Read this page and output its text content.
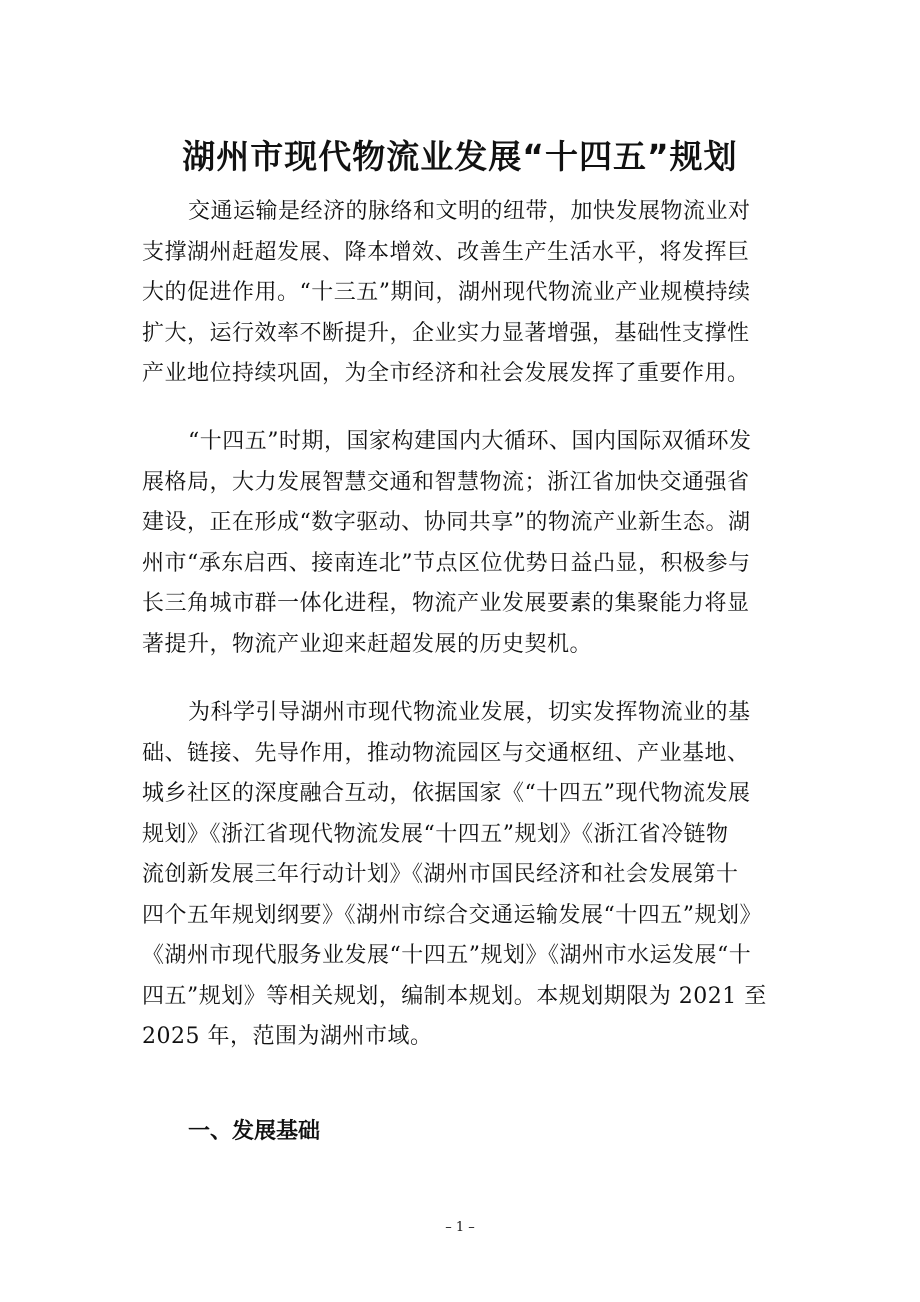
湖州市现代物流业发展“十四五”规划

交通运输是经济的脉络和文明的纽带，加快发展物流业对
支撑湖州赶超发展、降本增效、改善生产生活水平，将发挥巨
大的促进作用。“十三五”期间，湖州现代物流业产业规模持续
扩大，运行效率不断提升，企业实力显著增强，基础性支撑性
产业地位持续巩固，为全市经济和社会发展发挥了重要作用。

“十四五”时期，国家构建国内大循环、国内国际双循环发
展格局，大力发展智慧交通和智慧物流；浙江省加快交通强省
建设，正在形成“数字驱动、协同共享”的物流产业新生态。湖
州市“承东启西、接南连北”节点区位优势日益凸显，积极参与
长三角城市群一体化进程，物流产业发展要素的集聚能力将显
著提升，物流产业迎来赶超发展的历史契机。

为科学引导湖州市现代物流业发展，切实发挥物流业的基
础、链接、先导作用，推动物流园区与交通枢纽、产业基地、
城乡社区的深度融合互动，依据国家《“十四五”现代物流发展
规划》《浙江省现代物流发展“十四五”规划》《浙江省冷链物
流创新发展三年行动计划》《湖州市国民经济和社会发展第十
四个五年规划纲要》《湖州市综合交通运输发展“十四五”规划》
《湖州市现代服务业发展“十四五”规划》《湖州市水运发展“十
四五”规划》等相关规划，编制本规划。本规划期限为 2021 至
2025 年，范围为湖州市域。

一、发展基础
– 1 –
